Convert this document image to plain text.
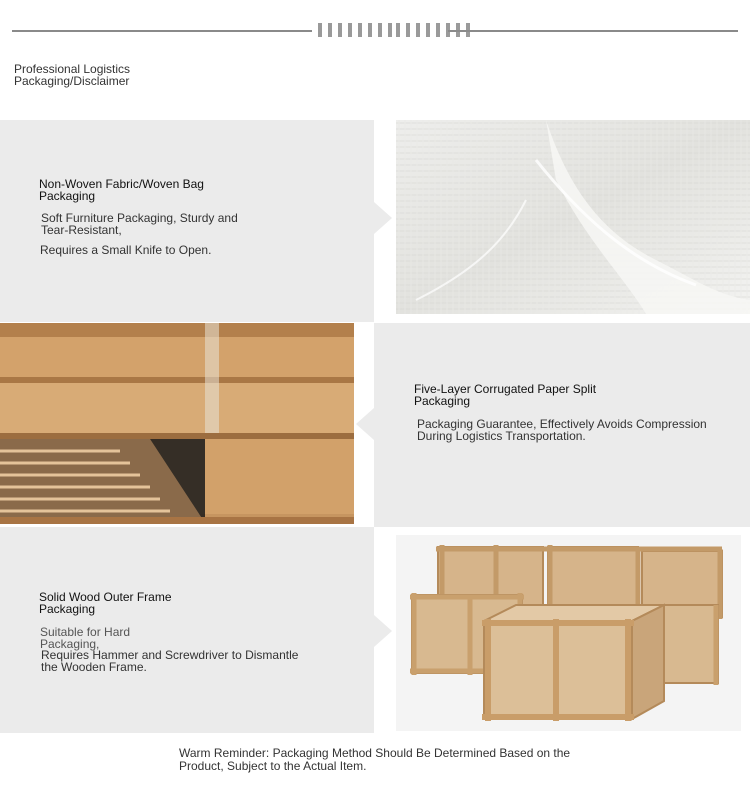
Professional Logistics
Packaging/Disclaimer
Non-Woven Fabric/Woven Bag
Packaging
Soft Furniture Packaging, Sturdy and
Tear-Resistant,
Requires a Small Knife to Open.
Five-Layer Corrugated Paper Split
Packaging
Packaging Guarantee, Effectively Avoids Compression
During Logistics Transportation.
Solid Wood Outer Frame
Packaging
Suitable for Hard
Packaging,
Requires Hammer and Screwdriver to Dismantle
the Wooden Frame.
Warm Reminder: Packaging Method Should Be Determined Based on the
Product, Subject to the Actual Item.
